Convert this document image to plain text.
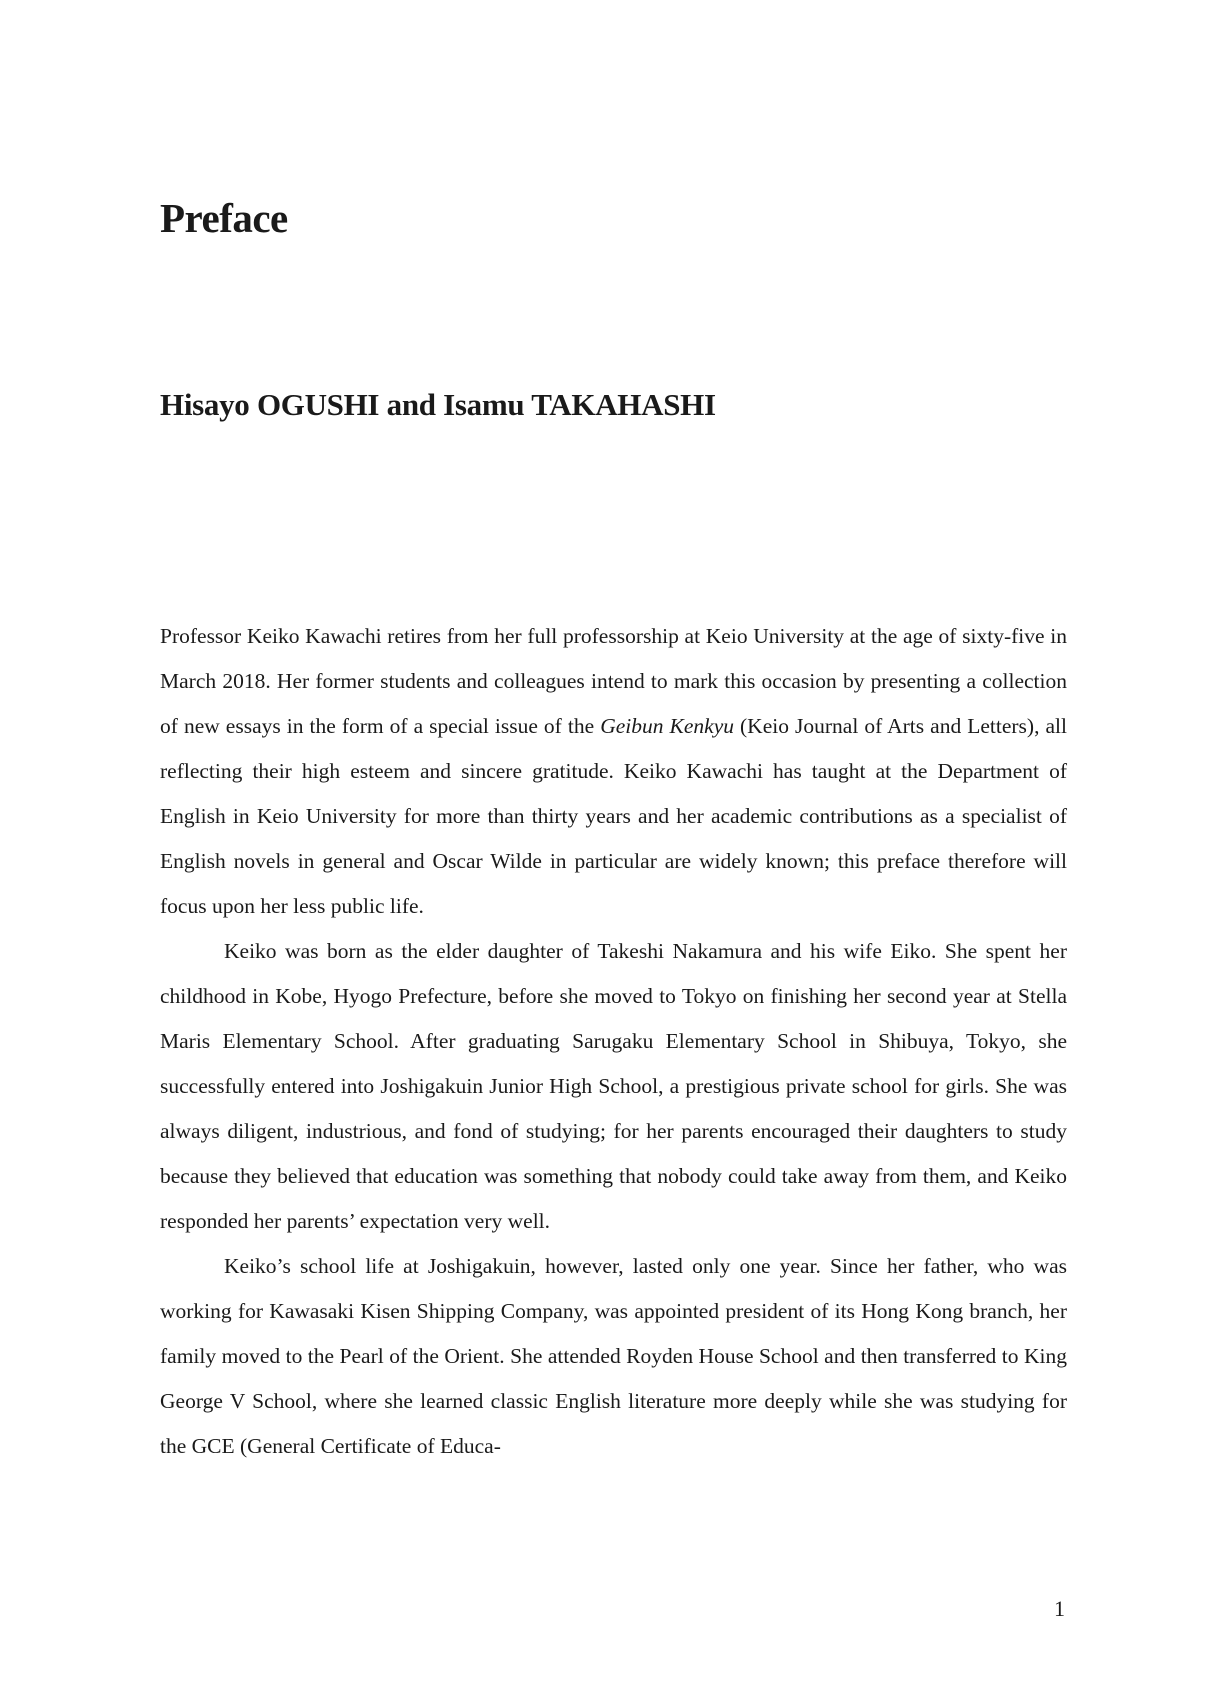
Preface
Hisayo OGUSHI and Isamu TAKAHASHI

Professor Keiko Kawachi retires from her full professorship at Keio University at the age of sixty-five in March 2018. Her former students and colleagues intend to mark this occasion by presenting a collection of new essays in the form of a special issue of the Geibun Kenkyu (Keio Journal of Arts and Letters), all reflecting their high esteem and sincere gratitude. Keiko Kawachi has taught at the Department of English in Keio University for more than thirty years and her academic contributions as a specialist of English novels in general and Oscar Wilde in particular are widely known; this preface therefore will focus upon her less public life.

Keiko was born as the elder daughter of Takeshi Nakamura and his wife Eiko. She spent her childhood in Kobe, Hyogo Prefecture, before she moved to Tokyo on finishing her second year at Stella Maris Elementary School. After graduating Sarugaku Elementary School in Shibuya, Tokyo, she successfully entered into Joshigakuin Junior High School, a prestigious private school for girls. She was always diligent, industrious, and fond of studying; for her parents encouraged their daughters to study because they believed that education was something that nobody could take away from them, and Keiko responded her parents’ expectation very well.

Keiko’s school life at Joshigakuin, however, lasted only one year. Since her father, who was working for Kawasaki Kisen Shipping Company, was appointed president of its Hong Kong branch, her family moved to the Pearl of the Orient. She attended Royden House School and then transferred to King George V School, where she learned classic English literature more deeply while she was studying for the GCE (General Certificate of Educa-

1
